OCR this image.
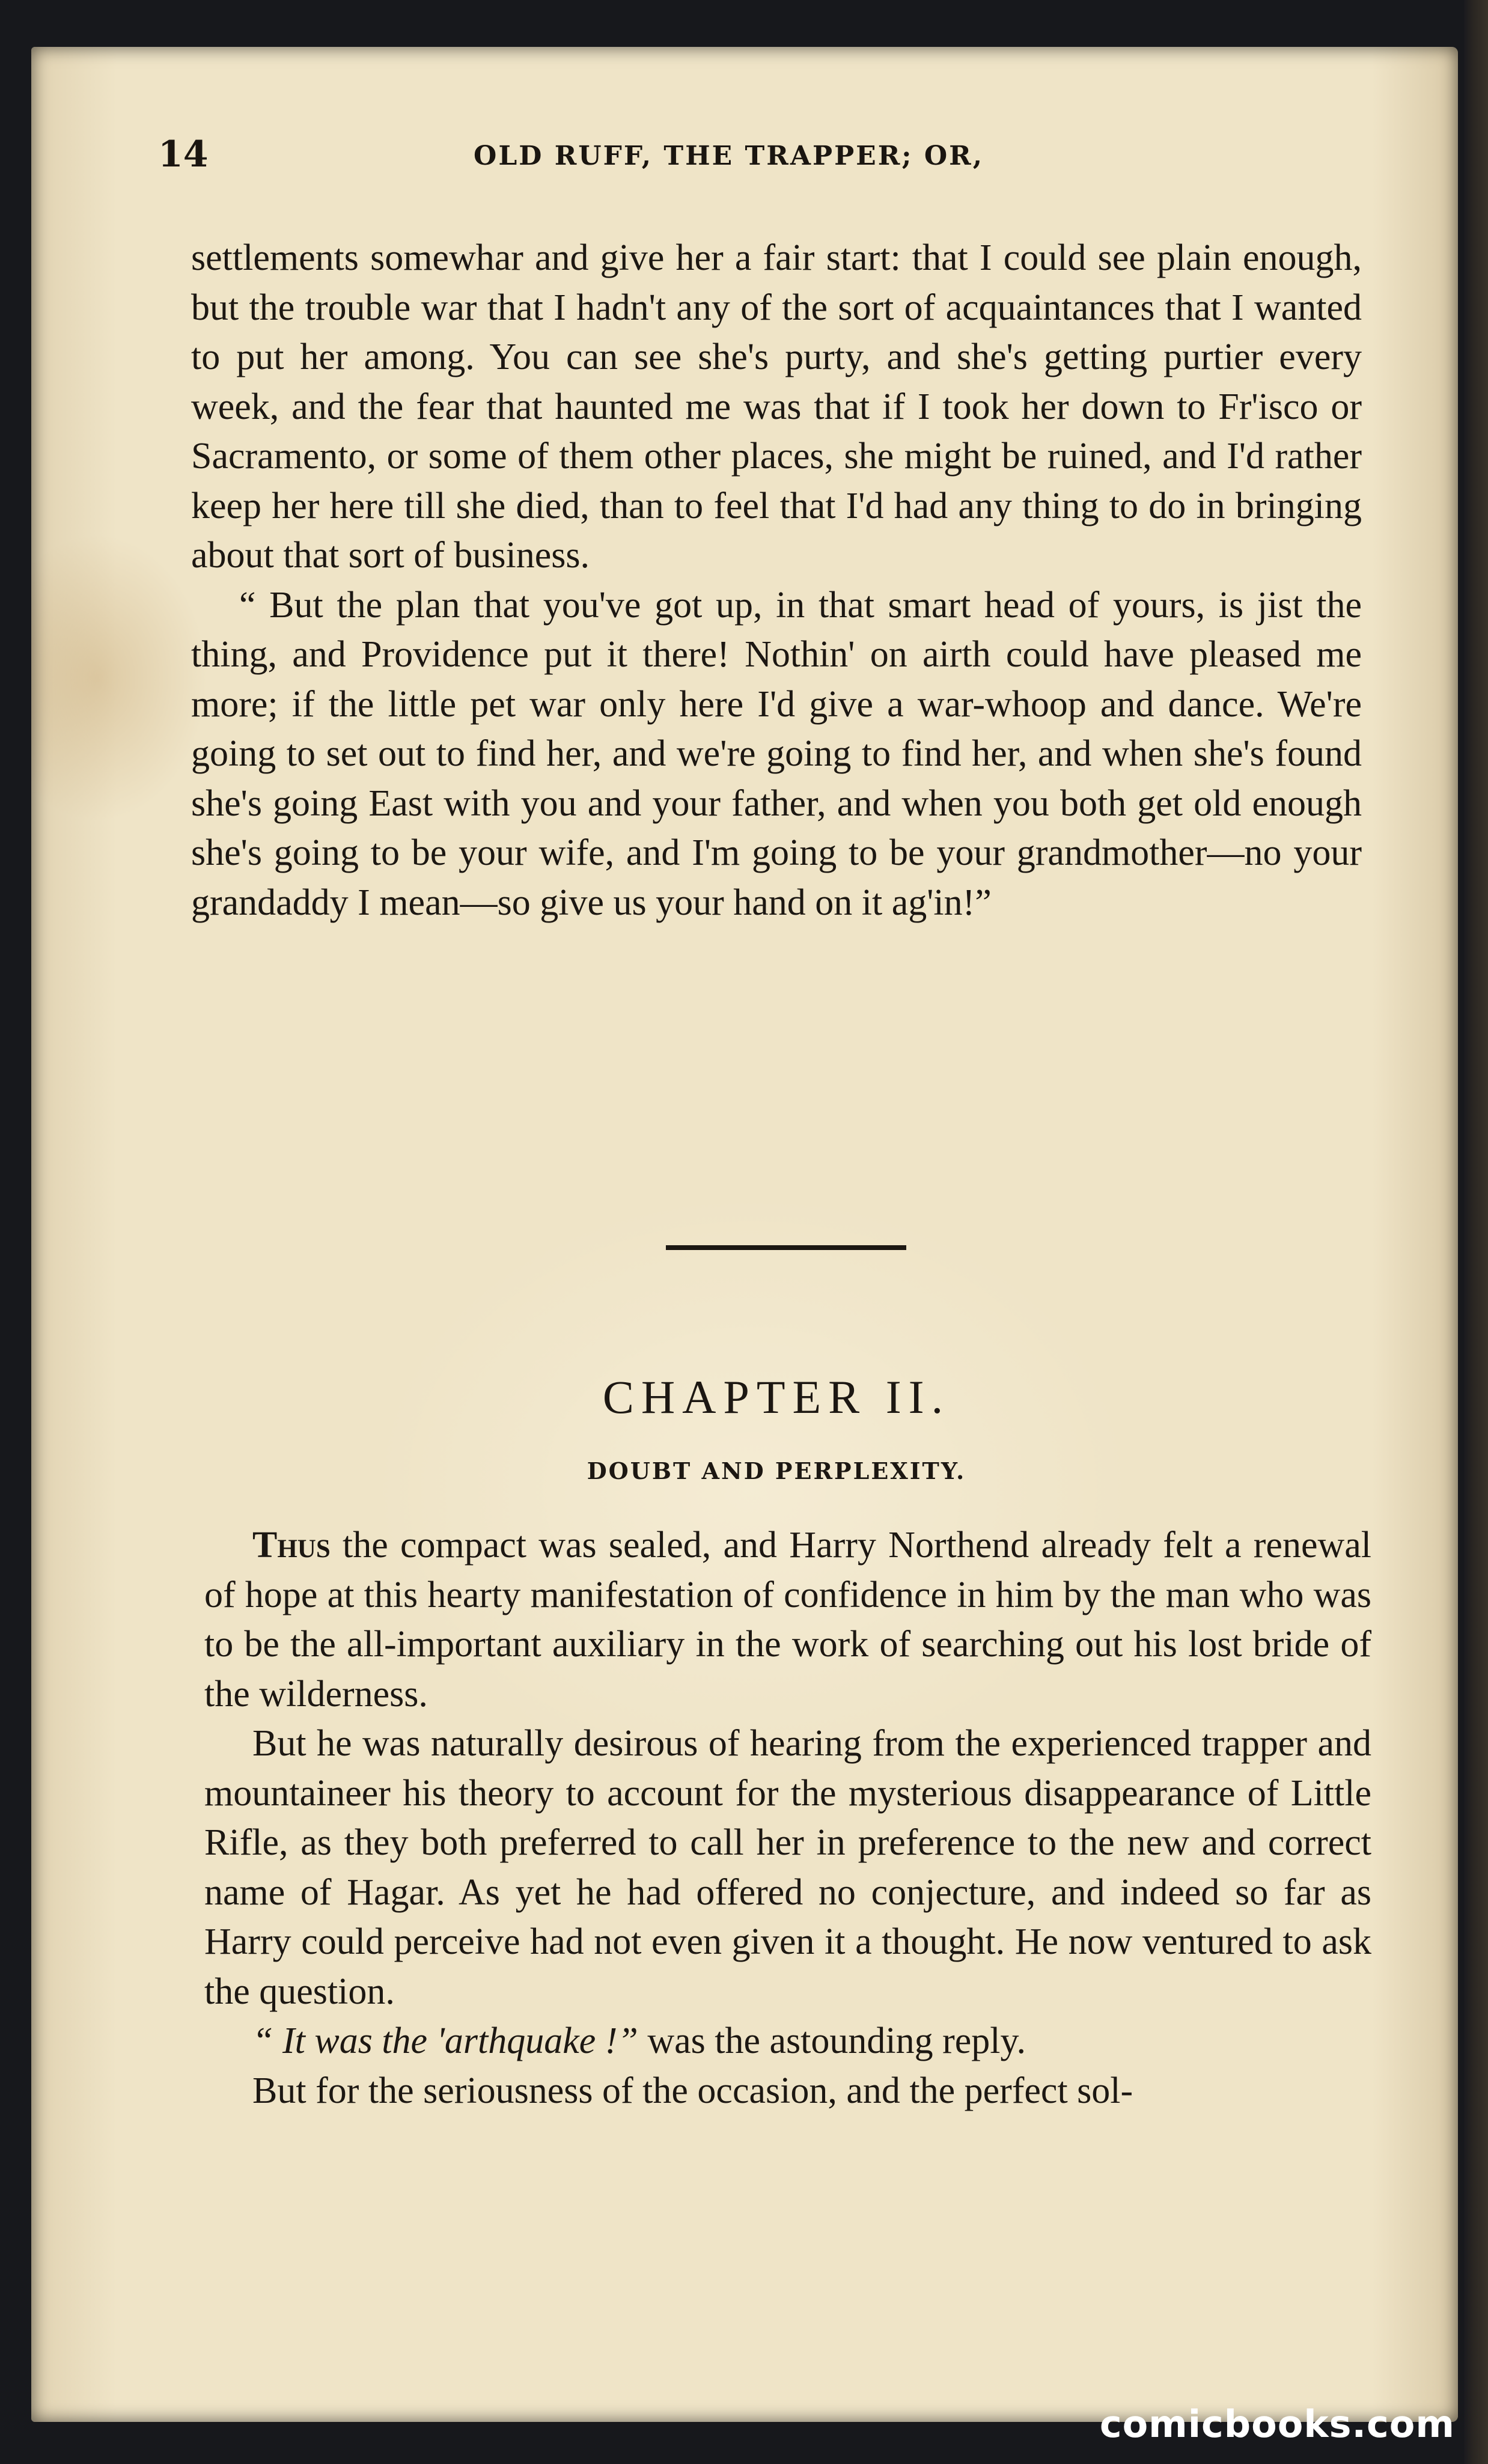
14	OLD RUFF, THE TRAPPER; OR,

settlements somewhar and give her a fair start: that I could see plain enough, but the trouble war that I hadn't any of the sort of acquaintances that I wanted to put her among. You can see she's purty, and she's getting purtier every week, and the fear that haunted me was that if I took her down to Fr'isco or Sacramento, or some of them other places, she might be ruined, and I'd rather keep her here till she died, than to feel that I'd had any thing to do in bringing about that sort of business.

“ But the plan that you've got up, in that smart head of yours, is jist the thing, and Providence put it there! Nothin' on airth could have pleased me more; if the little pet war only here I'd give a war-whoop and dance. We're going to set out to find her, and we're going to find her, and when she's found she's going East with you and your father, and when you both get old enough she's going to be your wife, and I'm going to be your grandmother—no your grandaddy I mean—so give us your hand on it ag'in!”

CHAPTER II.
DOUBT AND PERPLEXITY.

Thus the compact was sealed, and Harry Northend already felt a renewal of hope at this hearty manifestation of confidence in him by the man who was to be the all-important auxiliary in the work of searching out his lost bride of the wilderness.

But he was naturally desirous of hearing from the experienced trapper and mountaineer his theory to account for the mysterious disappearance of Little Rifle, as they both preferred to call her in preference to the new and correct name of Hagar. As yet he had offered no conjecture, and indeed so far as Harry could perceive had not even given it a thought. He now ventured to ask the question.

“ It was the 'arthquake !” was the astounding reply.

But for the seriousness of the occasion, and the perfect sol-

comicbooks.com
